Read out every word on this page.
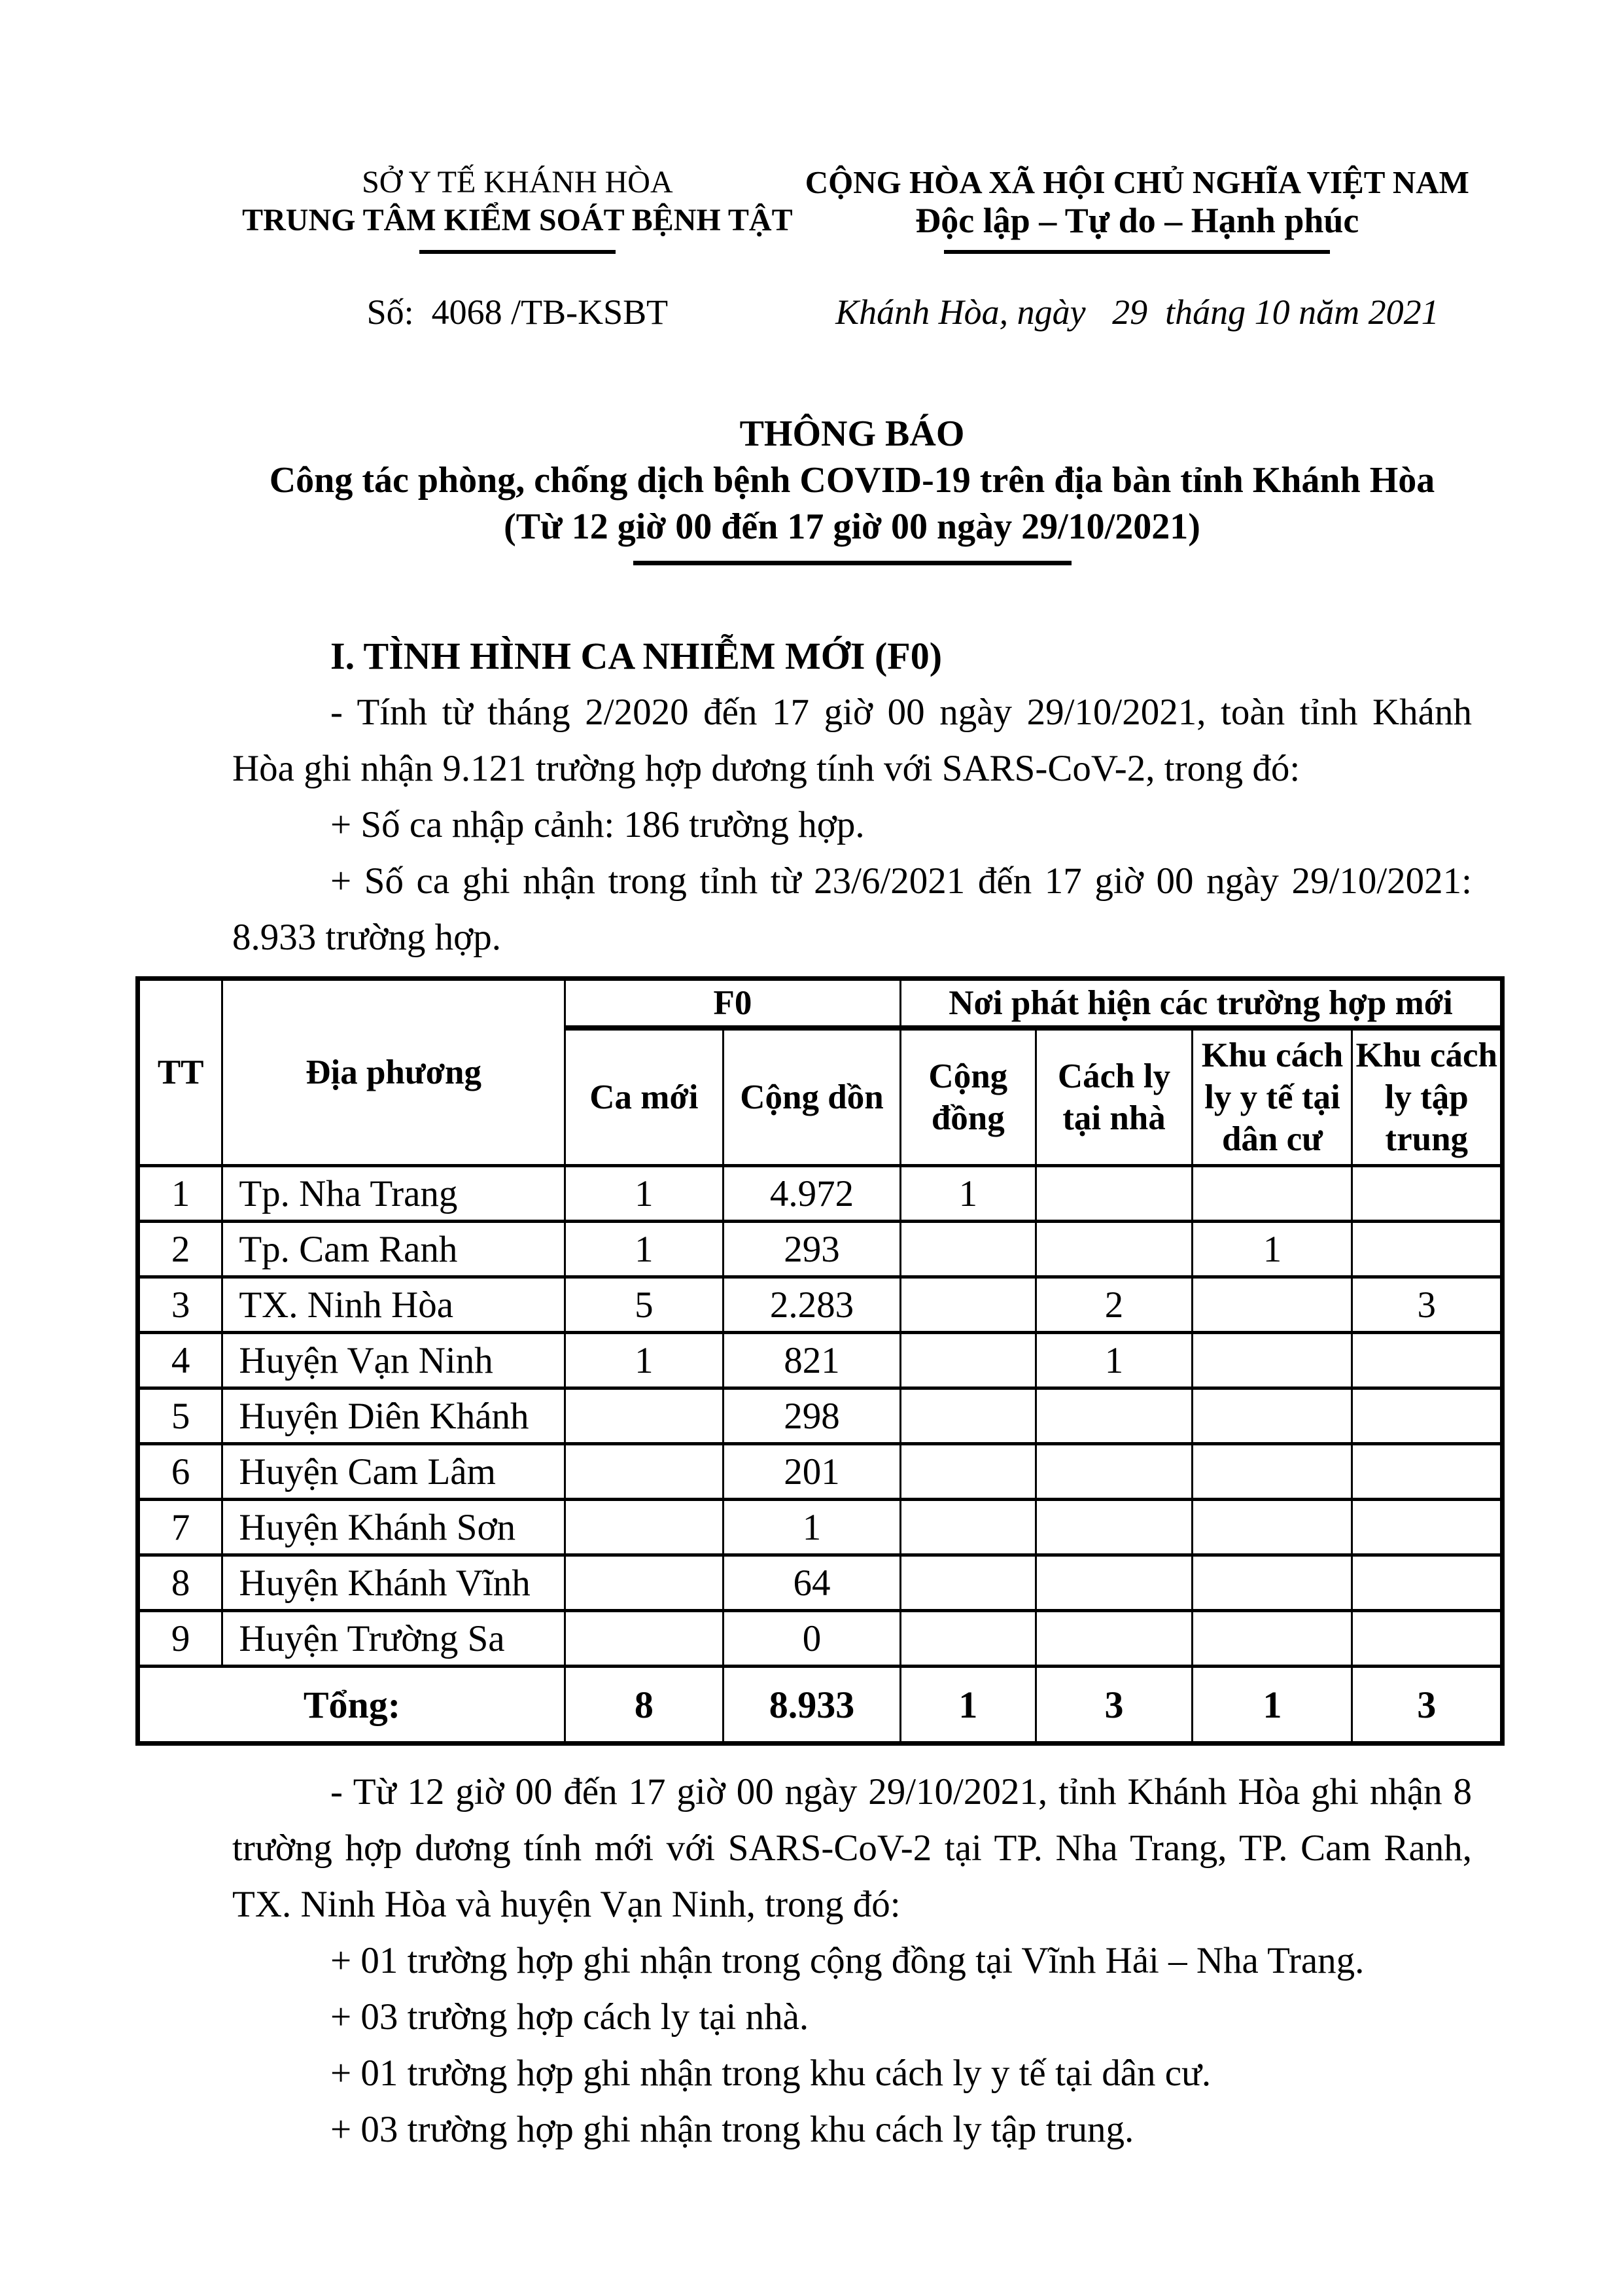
SỞ Y TẾ KHÁNH HÒA
TRUNG TÂM KIỂM SOÁT BỆNH TẬT
CỘNG HÒA XÃ HỘI CHỦ NGHĨA VIỆT NAM
Độc lập – Tự do – Hạnh phúc
Số:  4068 /TB-KSBT	Khánh Hòa, ngày   29  tháng 10 năm 2021
THÔNG BÁO
Công tác phòng, chống dịch bệnh COVID-19 trên địa bàn tỉnh Khánh Hòa
(Từ 12 giờ 00 đến 17 giờ 00 ngày 29/10/2021)

I. TÌNH HÌNH CA NHIỄM MỚI (F0)

- Tính từ tháng 2/2020 đến 17 giờ 00 ngày 29/10/2021, toàn tỉnh Khánh Hòa ghi nhận 9.121 trường hợp dương tính với SARS-CoV-2, trong đó:

+ Số ca nhập cảnh: 186 trường hợp.

+ Số ca ghi nhận trong tỉnh từ 23/6/2021 đến 17 giờ 00 ngày 29/10/2021: 8.933 trường hợp.

TT	Địa phương	F0		Nơi phát hiện các trường hợp mới			
		Ca mới	Cộng dồn	Cộng đồng	Cách ly tại nhà	Khu cách ly y tế tại dân cư	Khu cách ly tập trung
1	Tp. Nha Trang	1	4.972	1			
2	Tp. Cam Ranh	1	293			1	
3	TX. Ninh Hòa	5	2.283		2		3
4	Huyện Vạn Ninh	1	821		1		
5	Huyện Diên Khánh		298				
6	Huyện Cam Lâm		201				
7	Huyện Khánh Sơn		1				
8	Huyện Khánh Vĩnh		64				
9	Huyện Trường Sa		0				
Tổng:		8	8.933	1	3	1	3

- Từ 12 giờ 00 đến 17 giờ 00 ngày 29/10/2021, tỉnh Khánh Hòa ghi nhận 8 trường hợp dương tính mới với SARS-CoV-2 tại TP. Nha Trang, TP. Cam Ranh, TX. Ninh Hòa và huyện Vạn Ninh, trong đó:

+ 01 trường hợp ghi nhận trong cộng đồng tại Vĩnh Hải – Nha Trang.

+ 03 trường hợp cách ly tại nhà.

+ 01 trường hợp ghi nhận trong khu cách ly y tế tại dân cư.

+ 03 trường hợp ghi nhận trong khu cách ly tập trung.
